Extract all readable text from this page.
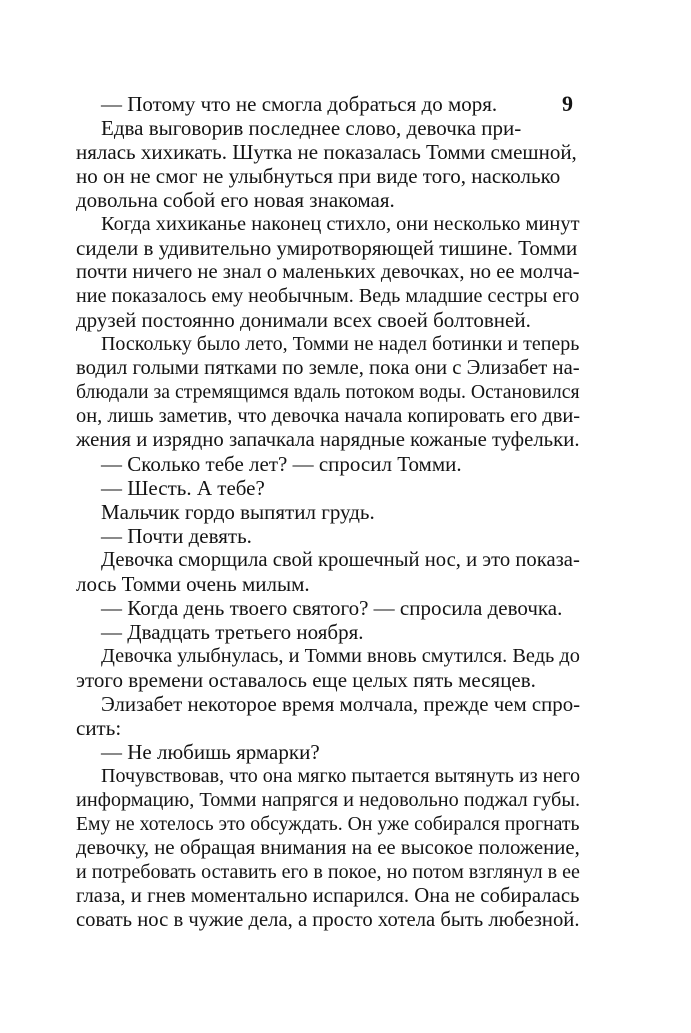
9
— Потому что не смогла добраться до моря.
Едва выговорив последнее слово, девочка при-
нялась хихикать. Шутка не показалась Томми смешной,
но он не смог не улыбнуться при виде того, насколько
довольна собой его новая знакомая.
Когда хихиканье наконец стихло, они несколько минут
сидели в удивительно умиротворяющей тишине. Томми
почти ничего не знал о маленьких девочках, но ее молча-
ние показалось ему необычным. Ведь младшие сестры его
друзей постоянно донимали всех своей болтовней.
Поскольку было лето, Томми не надел ботинки и теперь
водил голыми пятками по земле, пока они с Элизабет на-
блюдали за стремящимся вдаль потоком воды. Остановился
он, лишь заметив, что девочка начала копировать его дви-
жения и изрядно запачкала нарядные кожаные туфельки.
— Сколько тебе лет? — спросил Томми.
— Шесть. А тебе?
Мальчик гордо выпятил грудь.
— Почти девять.
Девочка сморщила свой крошечный нос, и это показа-
лось Томми очень милым.
— Когда день твоего святого? — спросила девочка.
— Двадцать третьего ноября.
Девочка улыбнулась, и Томми вновь смутился. Ведь до
этого времени оставалось еще целых пять месяцев.
Элизабет некоторое время молчала, прежде чем спро-
сить:
— Не любишь ярмарки?
Почувствовав, что она мягко пытается вытянуть из него
информацию, Томми напрягся и недовольно поджал губы.
Ему не хотелось это обсуждать. Он уже собирался прогнать
девочку, не обращая внимания на ее высокое положение,
и потребовать оставить его в покое, но потом взглянул в ее
глаза, и гнев моментально испарился. Она не собиралась
совать нос в чужие дела, а просто хотела быть любезной.
